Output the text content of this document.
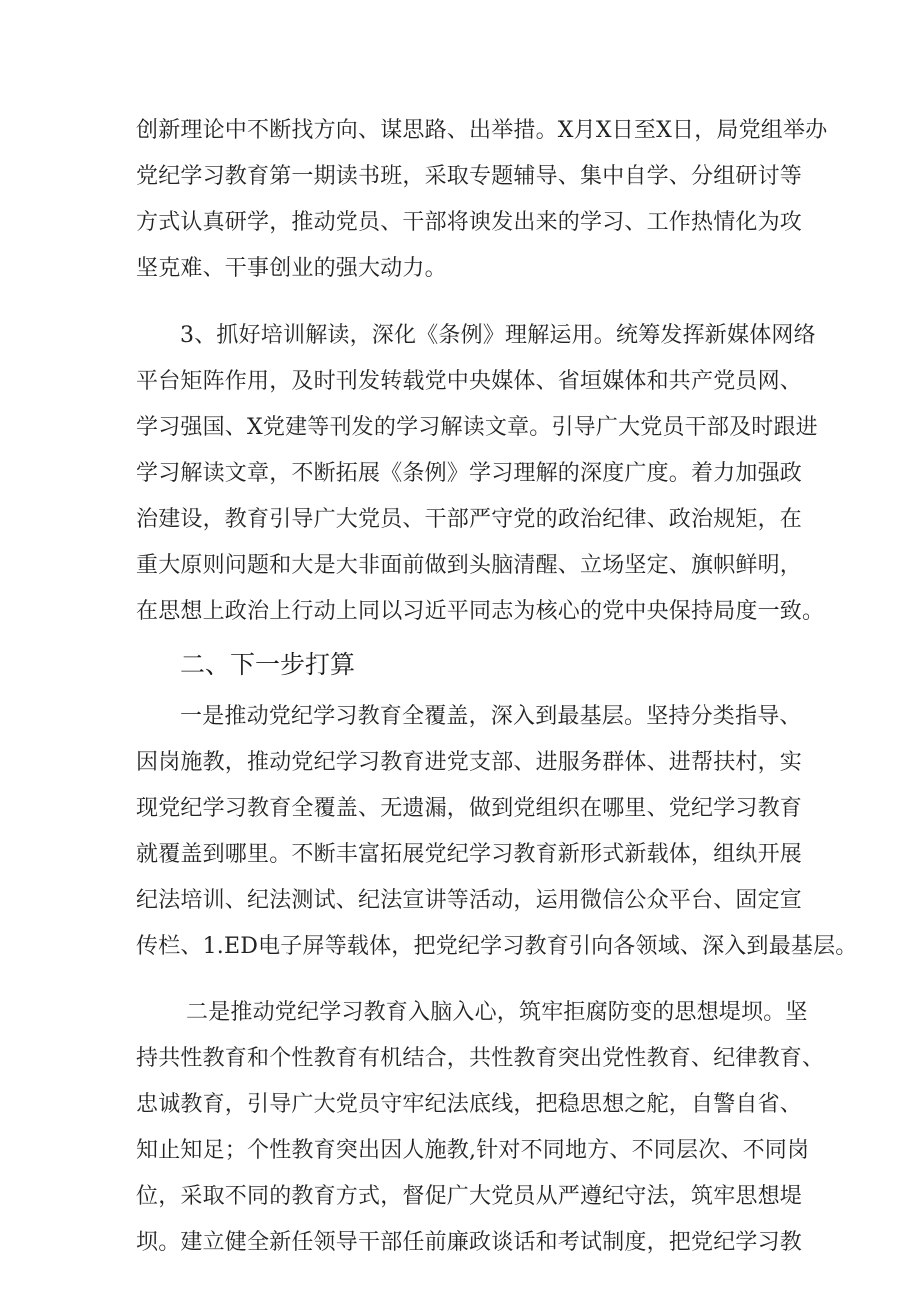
创新理论中不断找方向、谋思路、出举措。X月X日至X日，局党组举办
党纪学习教育第一期读书班，采取专题辅导、集中自学、分组研讨等
方式认真研学，推动党员、干部将谀发出来的学习、工作热情化为攻
坚克难、干事创业的强大动力。
3、抓好培训解读，深化《条例》理解运用。统筹发挥新媒体网络
平台矩阵作用，及时刊发转载党中央媒体、省垣媒体和共产党员网、
学习强国、X党建等刊发的学习解读文章。引导广大党员干部及时跟进
学习解读文章，不断拓展《条例》学习理解的深度广度。着力加强政
治建设，教育引导广大党员、干部严守党的政治纪律、政治规矩，在
重大原则问题和大是大非面前做到头脑清醒、立场坚定、旗帜鲜明，
在思想上政治上行动上同以习近平同志为核心的党中央保持局度一致。
二、下一步打算
一是推动党纪学习教育全覆盖，深入到最基层。坚持分类指导、
因岗施教，推动党纪学习教育进党支部、进服务群体、进帮扶村，实
现党纪学习教育全覆盖、无遗漏，做到党组织在哪里、党纪学习教育
就覆盖到哪里。不断丰富拓展党纪学习教育新形式新载体，组纨开展
纪法培训、纪法测试、纪法宣讲等活动，运用微信公众平台、固定宣
传栏、1.ED电子屏等载体，把党纪学习教育引向各领域、深入到最基层。
二是推动党纪学习教育入脑入心，筑牢拒腐防变的思想堤坝。坚
持共性教育和个性教育有机结合，共性教育突出党性教育、纪律教育、
忠诚教育，引导广大党员守牢纪法底线，把稳思想之舵，自警自省、
知止知足；个性教育突出因人施教,针对不同地方、不同层次、不同岗
位，采取不同的教育方式，督促广大党员从严遵纪守法，筑牢思想堤
坝。建立健全新任领导干部任前廉政谈话和考试制度，把党纪学习教
